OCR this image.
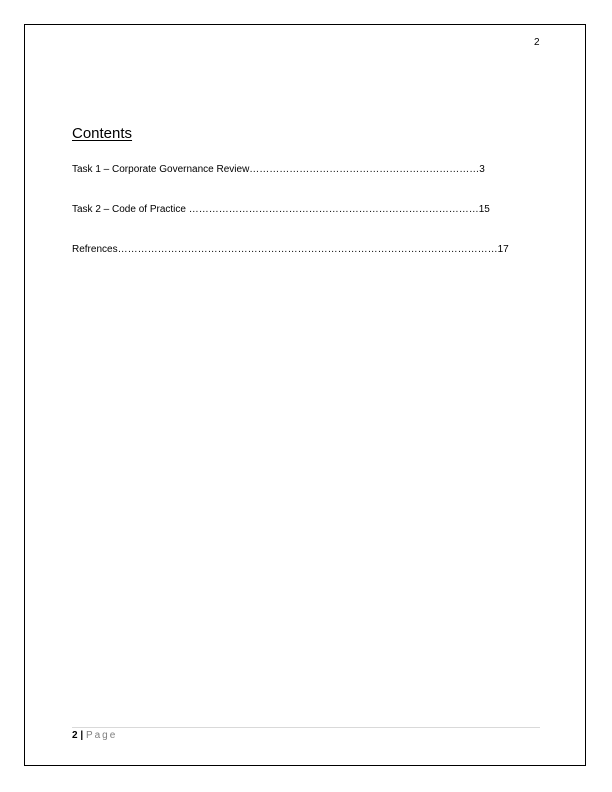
2
Contents
Task 1 – Corporate Governance Review……………………………………………………………3
Task 2 – Code of Practice ……………………………………………………………………………15
Refrences……………………………………………………………………………………………………17
2 | Page
